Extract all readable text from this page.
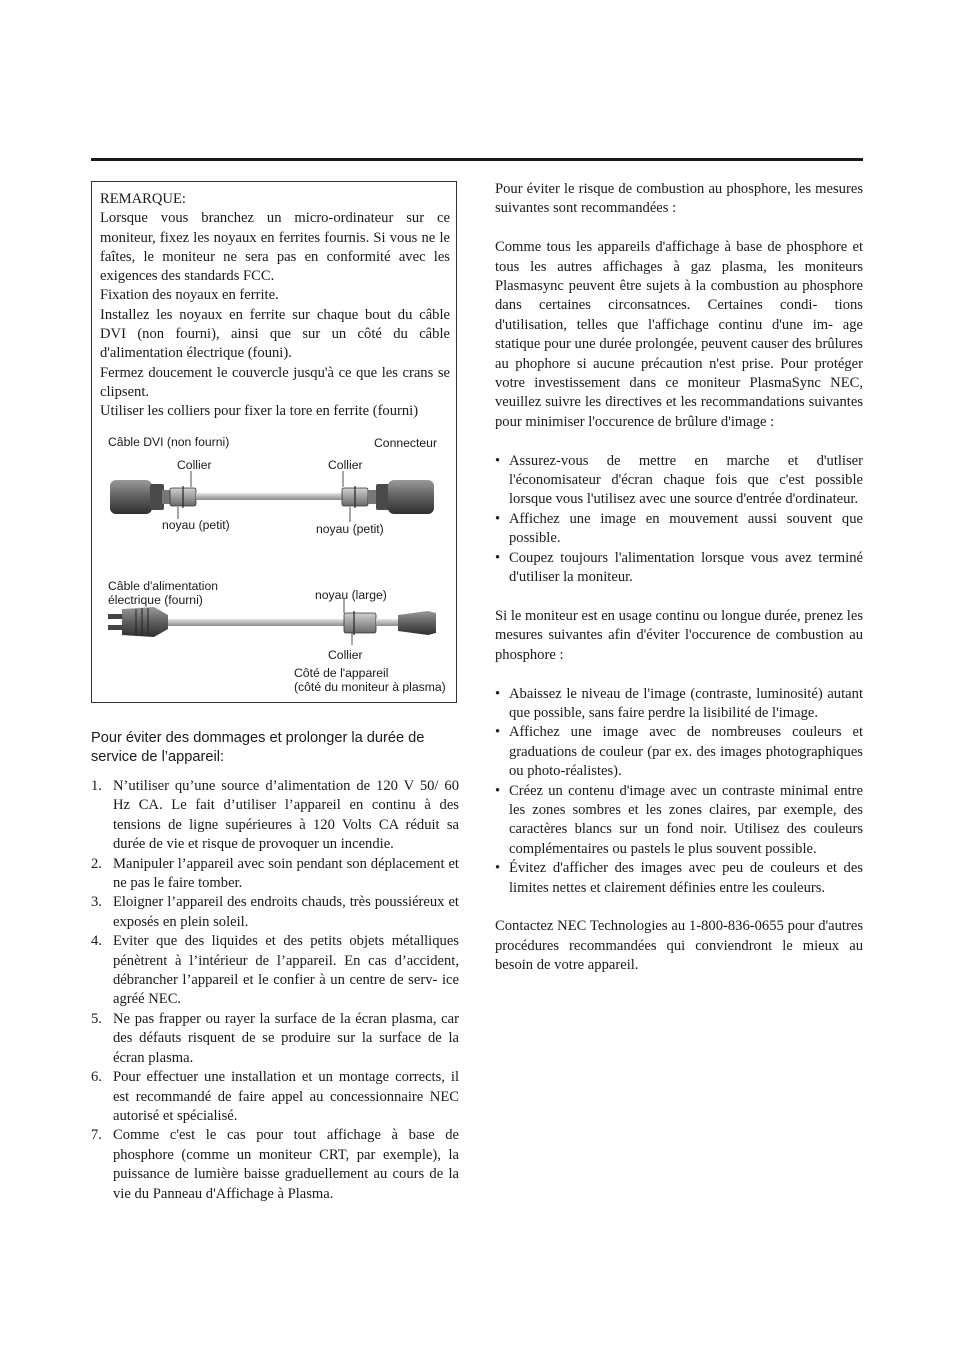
REMARQUE:

Lorsque vous branchez un micro-ordinateur sur ce moniteur, fixez les noyaux en ferrites fournis. Si vous ne le faîtes, le moniteur ne sera pas en conformité avec les exigences des standards FCC.

Fixation des noyaux en ferrite.

Installez les noyaux en ferrite sur chaque bout du câble DVI (non fourni), ainsi que sur un côté du câble d'alimentation électrique (founi).

Fermez doucement le couvercle jusqu'à ce que les crans se clipsent.

Utiliser les colliers pour fixer la tore en ferrite (fourni)

Câble DVI (non fourni)	Connecteur
Collier	Collier
noyau (petit)	noyau (petit)
Câble d'alimentation
électrique (fourni)	noyau (large)
Collier
Côté de l'appareil
(côté du moniteur à plasma)

Pour éviter des dommages et prolonger la durée de service de l’appareil:

1. N’utiliser qu’une source d’alimentation de 120 V 50/ 60 Hz CA. Le fait d’utiliser l’appareil en continu à des tensions de ligne supérieures à 120 Volts CA réduit sa durée de vie et risque de provoquer un incendie.
2. Manipuler l’appareil avec soin pendant son déplacement et ne pas le faire tomber.
3. Eloigner l’appareil des endroits chauds, très poussiéreux et exposés en plein soleil.
4. Eviter que des liquides et des petits objets métalliques pénètrent à l’intérieur de l’appareil. En cas d’accident, débrancher l’appareil et le confier à un centre de serv- ice agréé NEC.
5. Ne pas frapper ou rayer la surface de la écran plasma, car des défauts risquent de se produire sur la surface de la écran plasma.
6. Pour effectuer une installation et un montage corrects, il est recommandé de faire appel au concessionnaire NEC autorisé et spécialisé.
7. Comme c'est le cas pour tout affichage à base de phosphore (comme un moniteur CRT, par exemple), la puissance de lumière baisse graduellement au cours de la vie du Panneau d'Affichage à Plasma.

Pour éviter le risque de combustion au phosphore, les mesures suivantes sont recommandées :

Comme tous les appareils d'affichage à base de phosphore et tous les autres affichages à gaz plasma, les moniteurs Plasmasync peuvent être sujets à la combustion au phosphore dans certaines circonsatnces. Certaines condi- tions d'utilisation, telles que l'affichage continu d'une im- age statique pour une durée prolongée, peuvent causer des brûlures au phophore si aucune précaution n'est prise. Pour protéger votre investissement dans ce moniteur PlasmaSync NEC, veuillez suivre les directives et les recommandations suivantes pour minimiser l'occurence de brûlure d'image :

• Assurez-vous de mettre en marche et d'utliser l'économisateur d'écran chaque fois que c'est possible lorsque vous l'utilisez avec une source d'entrée d'ordinateur.
• Affichez une image en mouvement aussi souvent que possible.
• Coupez toujours l'alimentation lorsque vous avez terminé d'utiliser la moniteur.

Si le moniteur est en usage continu ou longue durée, prenez les mesures suivantes afin d'éviter l'occurence de combustion au phosphore :

• Abaissez le niveau de l'image (contraste, luminosité) autant que possible, sans faire perdre la lisibilité de l'image.
• Affichez une image avec de nombreuses couleurs et graduations de couleur (par ex. des images photographiques ou photo-réalistes).
• Créez un contenu d'image avec un contraste minimal entre les zones sombres et les zones claires, par exemple, des caractères blancs sur un fond noir. Utilisez des couleurs complémentaires ou pastels le plus souvent possible.
• Évitez d'afficher des images avec peu de couleurs et des limites nettes et clairement définies entre les couleurs.

Contactez NEC Technologies au 1-800-836-0655 pour d'autres procédures recommandées qui conviendront le mieux au besoin de votre appareil.
